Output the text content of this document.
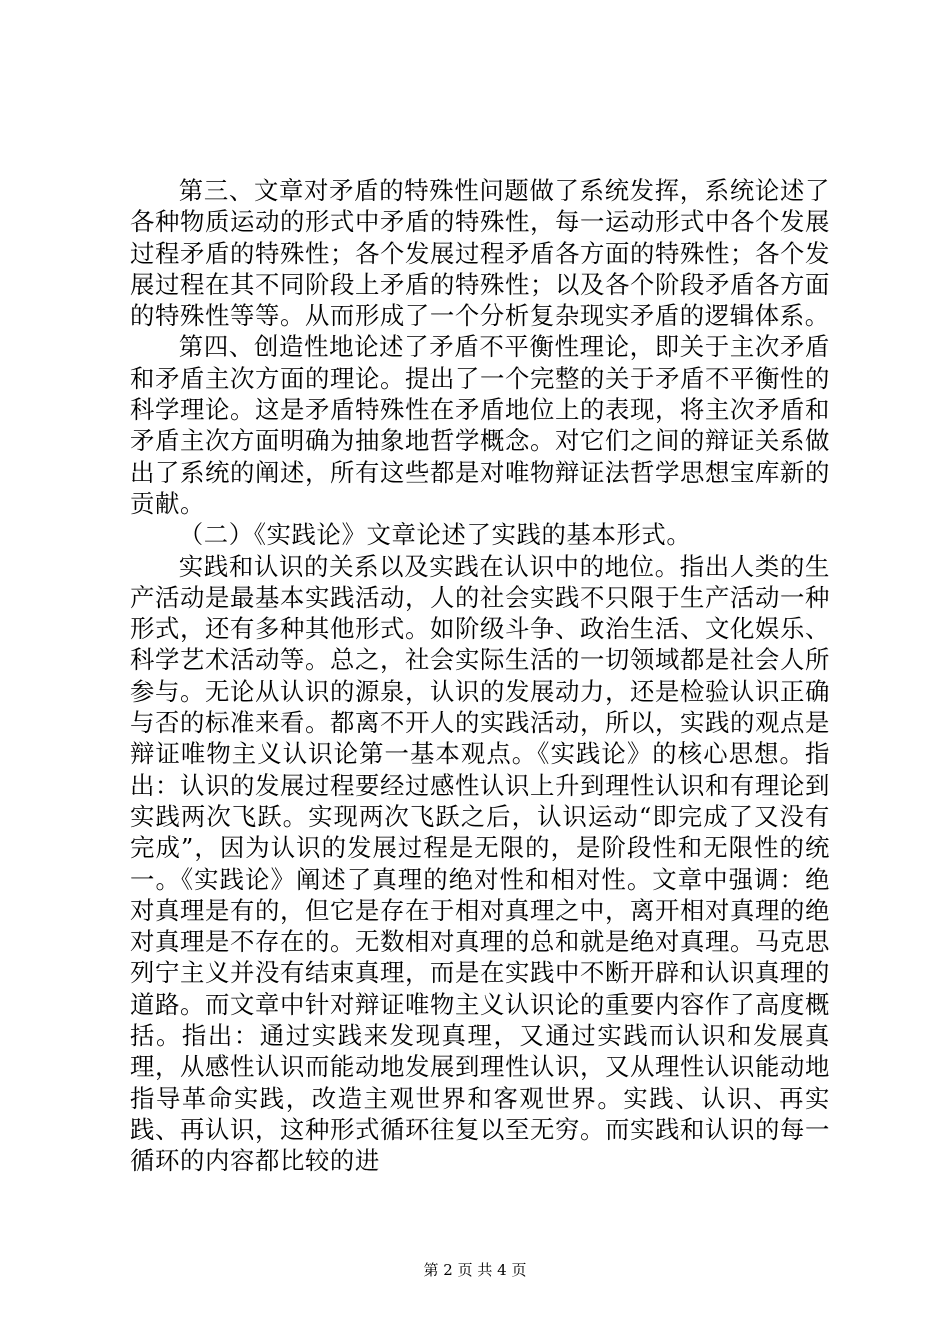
第三、文章对矛盾的特殊性问题做了系统发挥，系统论述了各种物质运动的形式中矛盾的特殊性，每一运动形式中各个发展过程矛盾的特殊性；各个发展过程矛盾各方面的特殊性；各个发展过程在其不同阶段上矛盾的特殊性；以及各个阶段矛盾各方面的特殊性等等。从而形成了一个分析复杂现实矛盾的逻辑体系。

第四、创造性地论述了矛盾不平衡性理论，即关于主次矛盾和矛盾主次方面的理论。提出了一个完整的关于矛盾不平衡性的科学理论。这是矛盾特殊性在矛盾地位上的表现，将主次矛盾和矛盾主次方面明确为抽象地哲学概念。对它们之间的辩证关系做出了系统的阐述，所有这些都是对唯物辩证法哲学思想宝库新的贡献。

（二）《实践论》文章论述了实践的基本形式。

实践和认识的关系以及实践在认识中的地位。指出人类的生产活动是最基本实践活动，人的社会实践不只限于生产活动一种形式，还有多种其他形式。如阶级斗争、政治生活、文化娱乐、科学艺术活动等。总之，社会实际生活的一切领域都是社会人所参与。无论从认识的源泉，认识的发展动力，还是检验认识正确与否的标准来看。都离不开人的实践活动，所以，实践的观点是辩证唯物主义认识论第一基本观点。《实践论》的核心思想。指出：认识的发展过程要经过感性认识上升到理性认识和有理论到实践两次飞跃。实现两次飞跃之后，认识运动“即完成了又没有完成”，因为认识的发展过程是无限的，是阶段性和无限性的统一。《实践论》阐述了真理的绝对性和相对性。文章中强调：绝对真理是有的，但它是存在于相对真理之中，离开相对真理的绝对真理是不存在的。无数相对真理的总和就是绝对真理。马克思列宁主义并没有结束真理，而是在实践中不断开辟和认识真理的道路。而文章中针对辩证唯物主义认识论的重要内容作了高度概括。指出：通过实践来发现真理，又通过实践而认识和发展真理，从感性认识而能动地发展到理性认识，又从理性认识能动地指导革命实践，改造主观世界和客观世界。实践、认识、再实践、再认识，这种形式循环往复以至无穷。而实践和认识的每一循环的内容都比较的进

第 2 页 共 4 页
